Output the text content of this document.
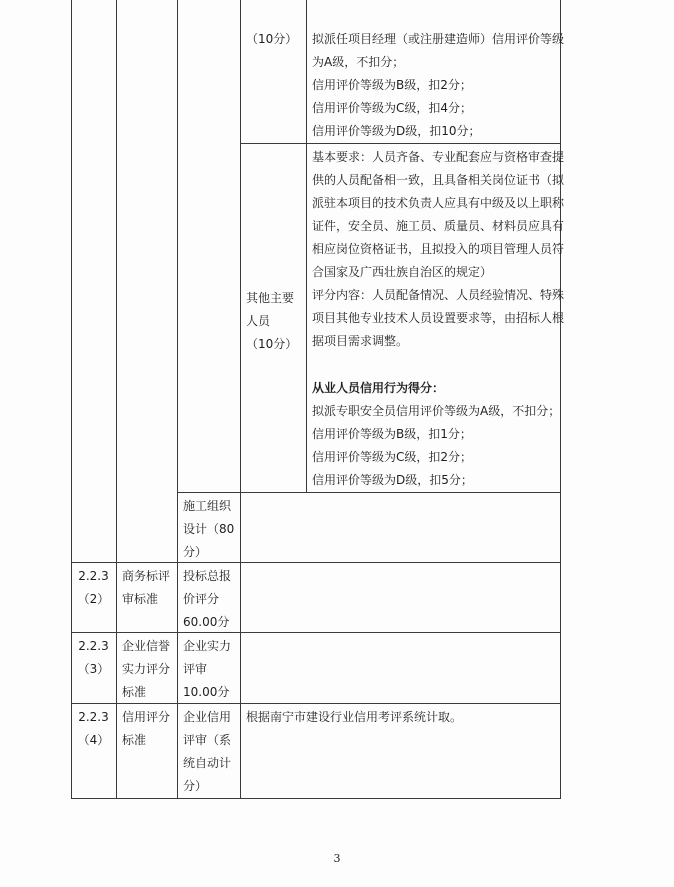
（10分） 拟派任项目经理（或注册建造师）信用评价等级
为A级，不扣分；
信用评价等级为B级，扣2分；
信用评价等级为C级，扣4分；
信用评价等级为D级，扣10分；
其他主要
人员
（10分）
基本要求：人员齐备、专业配套应与资格审查提
供的人员配备相一致，且具备相关岗位证书（拟
派驻本项目的技术负责人应具有中级及以上职称
证件，安全员、施工员、质量员、材料员应具有
相应岗位资格证书，且拟投入的项目管理人员符
合国家及广西壮族自治区的规定）
评分内容：人员配备情况、人员经验情况、特殊
项目其他专业技术人员设置要求等，由招标人根
据项目需求调整。
从业人员信用行为得分：
拟派专职安全员信用评价等级为A级，不扣分；
信用评价等级为B级，扣1分；
信用评价等级为C级，扣2分；
信用评价等级为D级，扣5分；
施工组织
设计（80
分）
2.2.3
（2）
商务标评
审标准
投标总报
价评分
60.00分
2.2.3
（3）
企业信誉
实力评分
标准
企业实力
评审
10.00分
2.2.3
（4）
信用评分
标准
企业信用
评审（系
统自动计
分）
根据南宁市建设行业信用考评系统计取。
3
